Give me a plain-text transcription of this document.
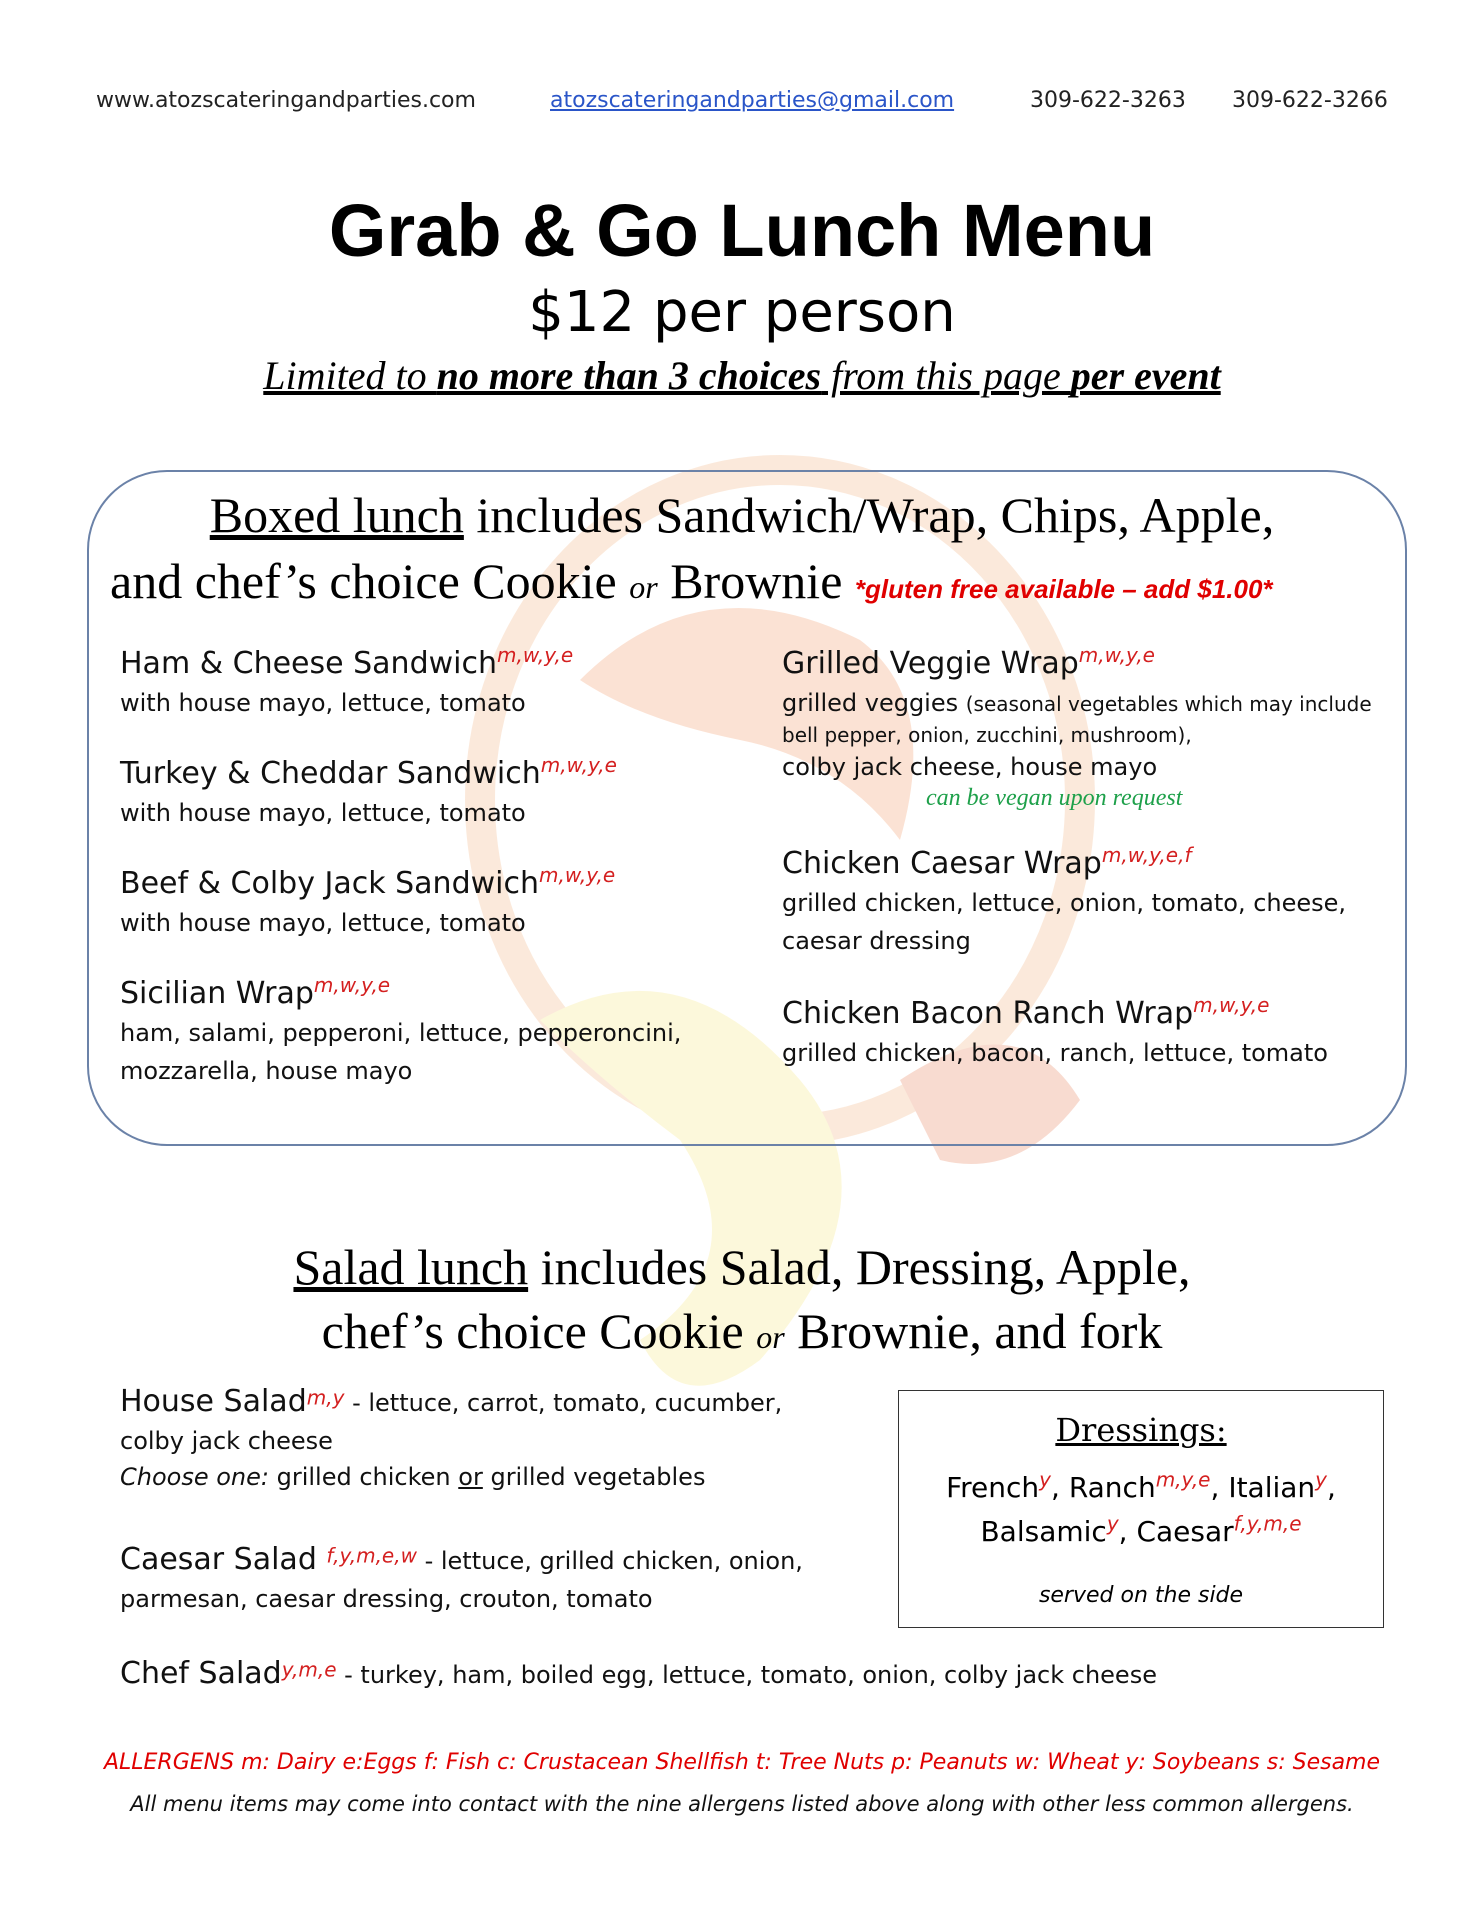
www.atozscateringandparties.com	atozscateringandparties@gmail.com	309-622-3263 309-622-3266
Grab & Go Lunch Menu
$12 per person
Limited to no more than 3 choices from this page per event
Boxed lunch includes Sandwich/Wrap, Chips, Apple,
and chef’s choice Cookie or Brownie *gluten free available – add $1.00*
Ham & Cheese Sandwich$^{m,w,y,e}$
with house mayo, lettuce, tomato
Turkey & Cheddar Sandwich$^{m,w,y,e}$
with house mayo, lettuce, tomato
Beef & Colby Jack Sandwich$^{m,w,y,e}$
with house mayo, lettuce, tomato
Sicilian Wrap$^{m,w,y,e}$
ham, salami, pepperoni, lettuce, pepperoncini,
mozzarella, house mayo
Grilled Veggie Wrap$^{m,w,y,e}$
grilled veggies (seasonal vegetables which may include
bell pepper, onion, zucchini, mushroom),
colby jack cheese, house mayo
can be vegan upon request
Chicken Caesar Wrap$^{m,w,y,e,f}$
grilled chicken, lettuce, onion, tomato, cheese,
caesar dressing
Chicken Bacon Ranch Wrap$^{m,w,y,e}$
grilled chicken, bacon, ranch, lettuce, tomato
Salad lunch includes Salad, Dressing, Apple,
chef’s choice Cookie or Brownie, and fork
House Saladm,y - lettuce, carrot, tomato, cucumber,
colby jack cheese
Choose one: grilled chicken or grilled vegetables
Caesar Salad f,y,m,e,w - lettuce, grilled chicken, onion,
parmesan, caesar dressing, crouton, tomato
Chef Salady,m,e - turkey, ham, boiled egg, lettuce, tomato, onion, colby jack cheese
Dressings:
French$^y$, Ranch$^{m,y,e}$, Italian$^y$,
Balsamic$^y$, Caesar$^{f,y,m,e}$
served on the side
ALLERGENS m: Dairy e:Eggs f: Fish c: Crustacean Shellfish t: Tree Nuts p: Peanuts w: Wheat y: Soybeans s: Sesame
All menu items may come into contact with the nine allergens listed above along with other less common allergens.
